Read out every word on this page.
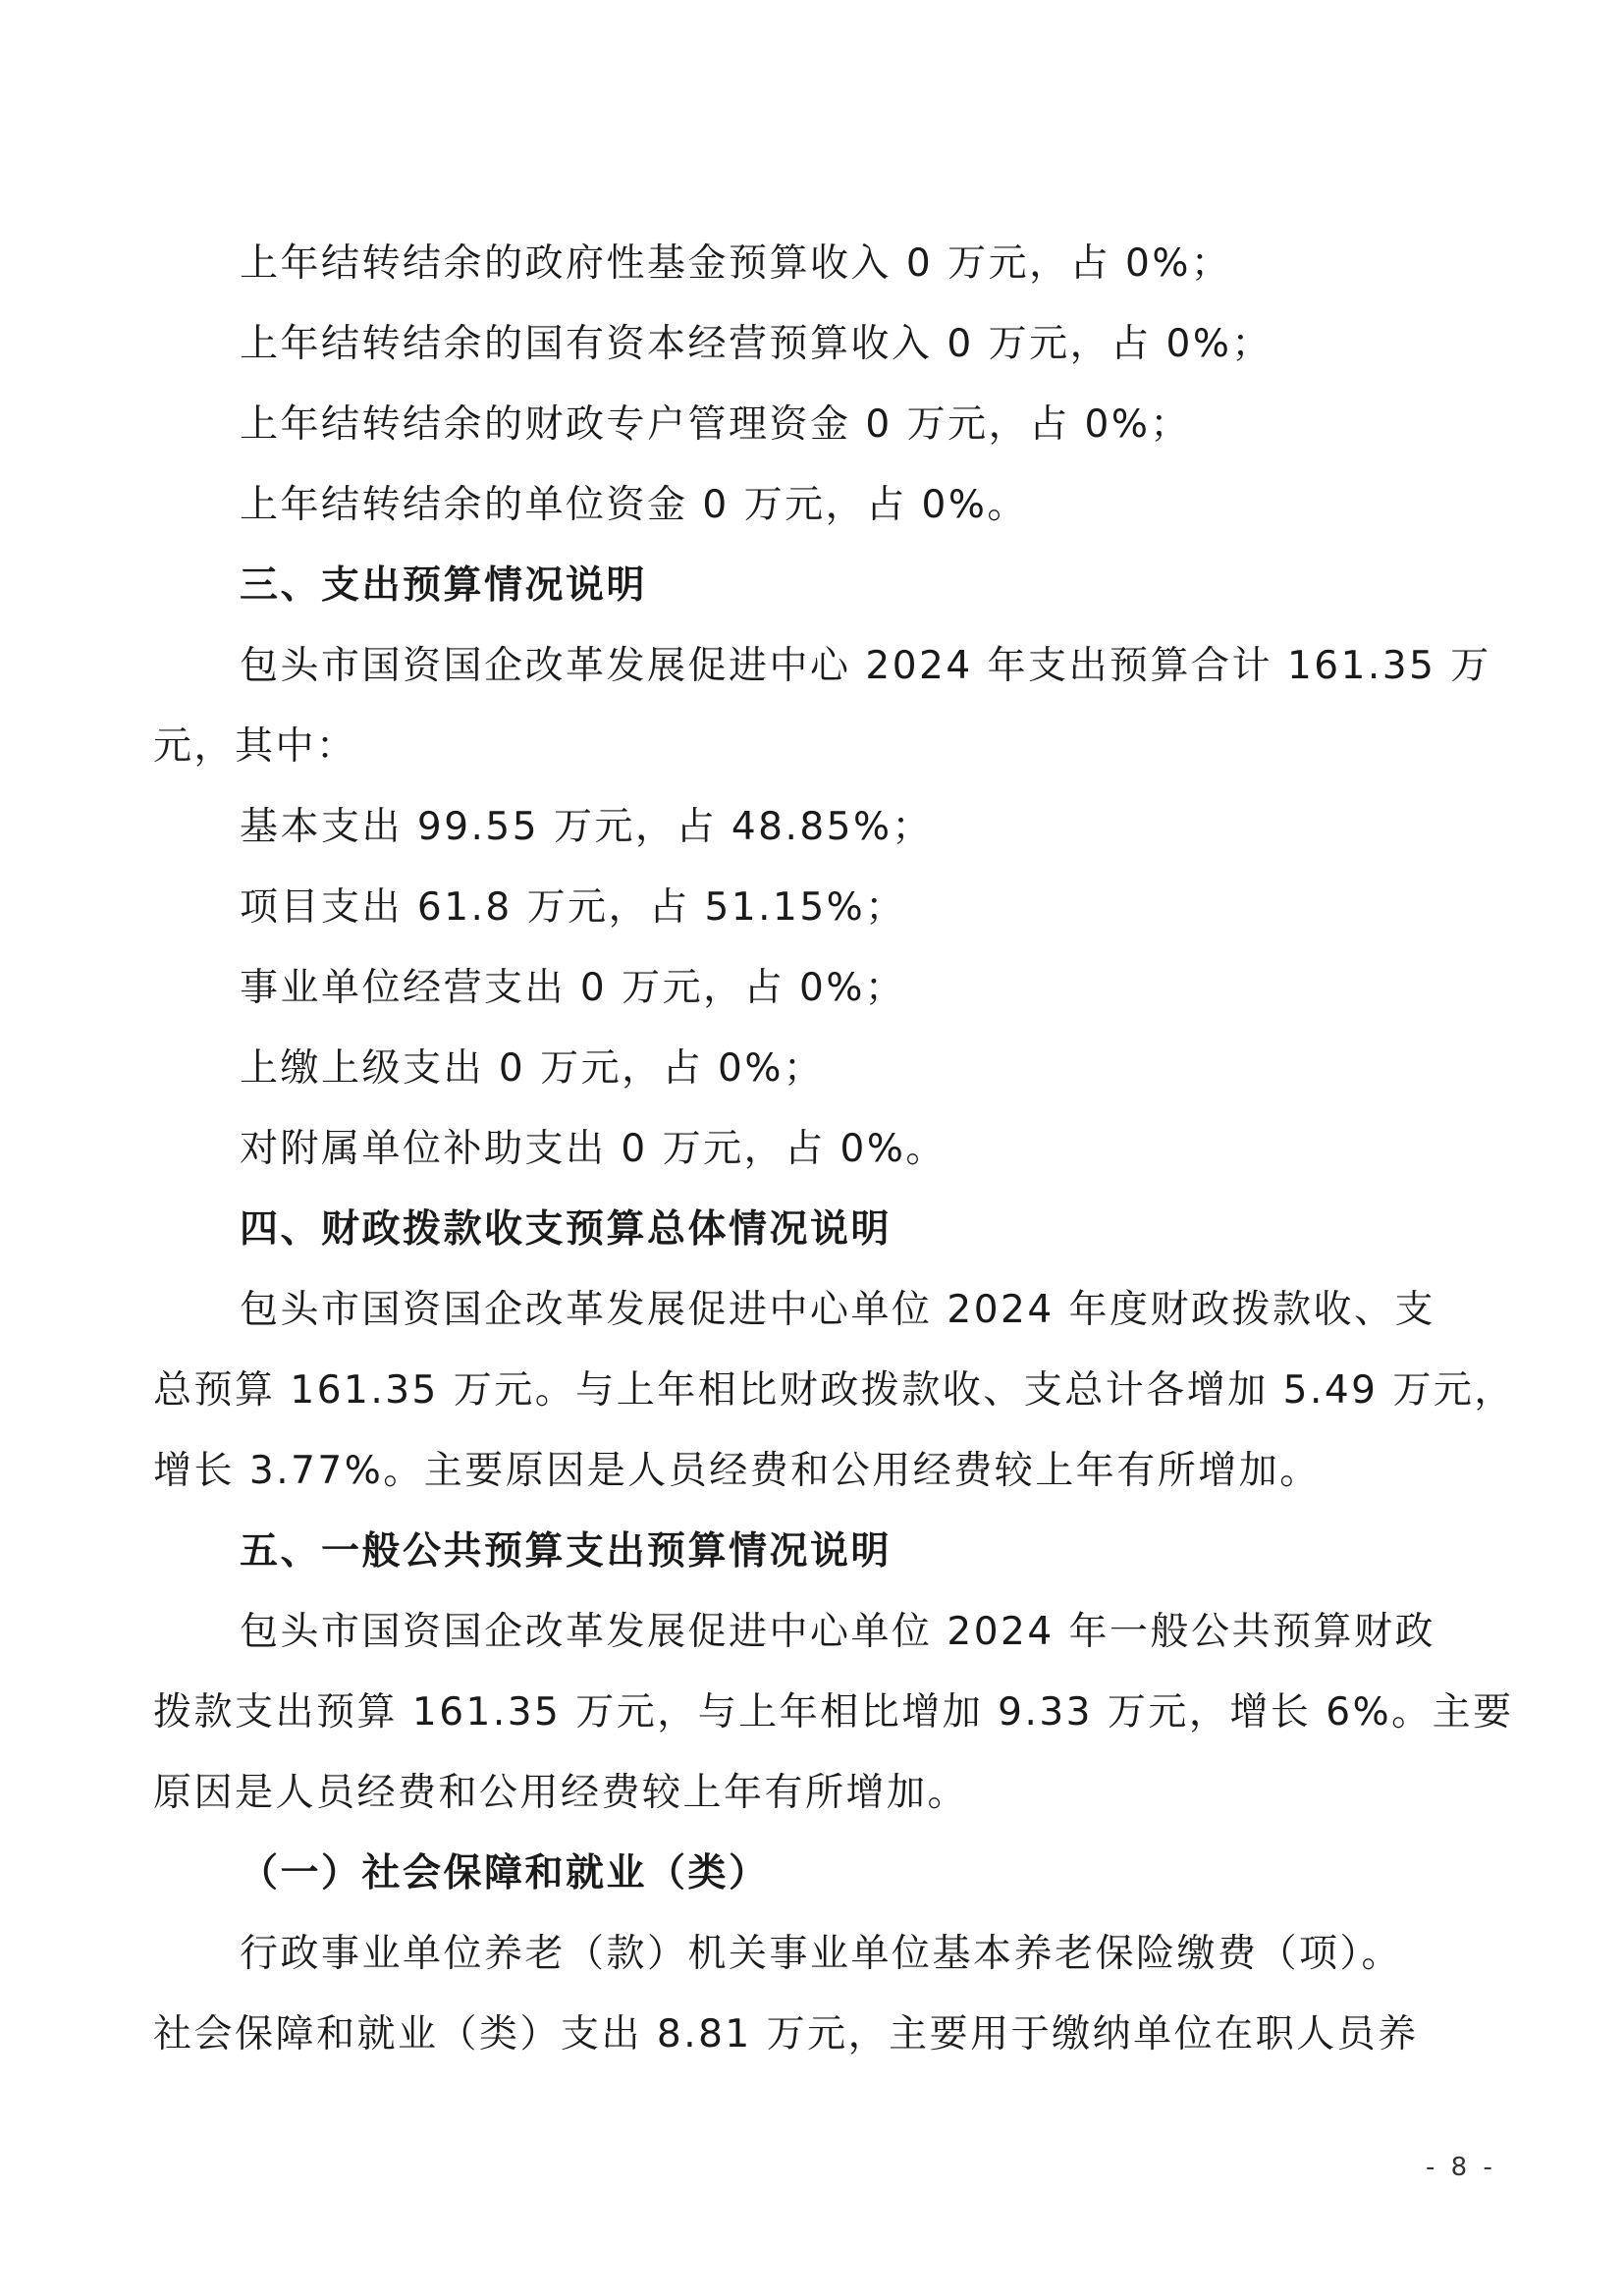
上年结转结余的政府性基金预算收入 0 万元，占 0%；
上年结转结余的国有资本经营预算收入 0 万元，占 0%；
上年结转结余的财政专户管理资金 0 万元，占 0%；
上年结转结余的单位资金 0 万元，占 0%。
三、支出预算情况说明
包头市国资国企改革发展促进中心 2024 年支出预算合计 161.35 万
元，其中：
基本支出 99.55 万元，占 48.85%；
项目支出 61.8 万元，占 51.15%；
事业单位经营支出 0 万元，占 0%；
上缴上级支出 0 万元，占 0%；
对附属单位补助支出 0 万元，占 0%。
四、财政拨款收支预算总体情况说明
包头市国资国企改革发展促进中心单位 2024 年度财政拨款收、支
总预算 161.35 万元。与上年相比财政拨款收、支总计各增加 5.49 万元，
增长 3.77%。主要原因是人员经费和公用经费较上年有所增加。
五、一般公共预算支出预算情况说明
包头市国资国企改革发展促进中心单位 2024 年一般公共预算财政
拨款支出预算 161.35 万元，与上年相比增加 9.33 万元，增长 6%。主要
原因是人员经费和公用经费较上年有所增加。
（一）社会保障和就业（类）
行政事业单位养老（款）机关事业单位基本养老保险缴费（项）。
社会保障和就业（类）支出 8.81 万元，主要用于缴纳单位在职人员养
- 8 -
